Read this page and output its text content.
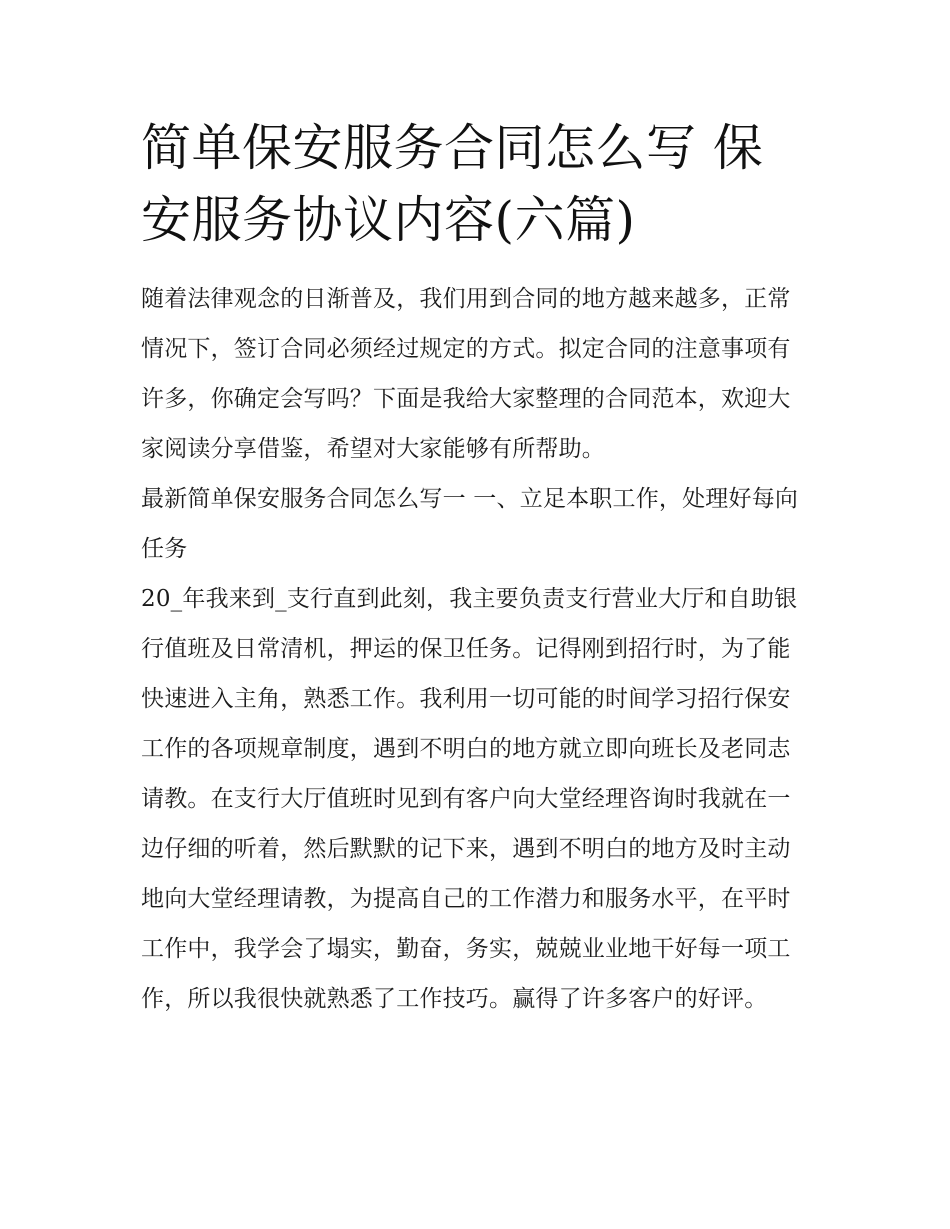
简单保安服务合同怎么写 保安服务协议内容(六篇)

随着法律观念的日渐普及，我们用到合同的地方越来越多，正常情况下，签订合同必须经过规定的方式。拟定合同的注意事项有许多，你确定会写吗？下面是我给大家整理的合同范本，欢迎大家阅读分享借鉴，希望对大家能够有所帮助。

最新简单保安服务合同怎么写一 一、立足本职工作，处理好每向任务

20_年我来到_支行直到此刻，我主要负责支行营业大厅和自助银行值班及日常清机，押运的保卫任务。记得刚到招行时，为了能快速进入主角，熟悉工作。我利用一切可能的时间学习招行保安工作的各项规章制度，遇到不明白的地方就立即向班长及老同志请教。在支行大厅值班时见到有客户向大堂经理咨询时我就在一边仔细的听着，然后默默的记下来，遇到不明白的地方及时主动地向大堂经理请教，为提高自己的工作潜力和服务水平，在平时工作中，我学会了塌实，勤奋，务实，兢兢业业地干好每一项工作，所以我很快就熟悉了工作技巧。赢得了许多客户的好评。
